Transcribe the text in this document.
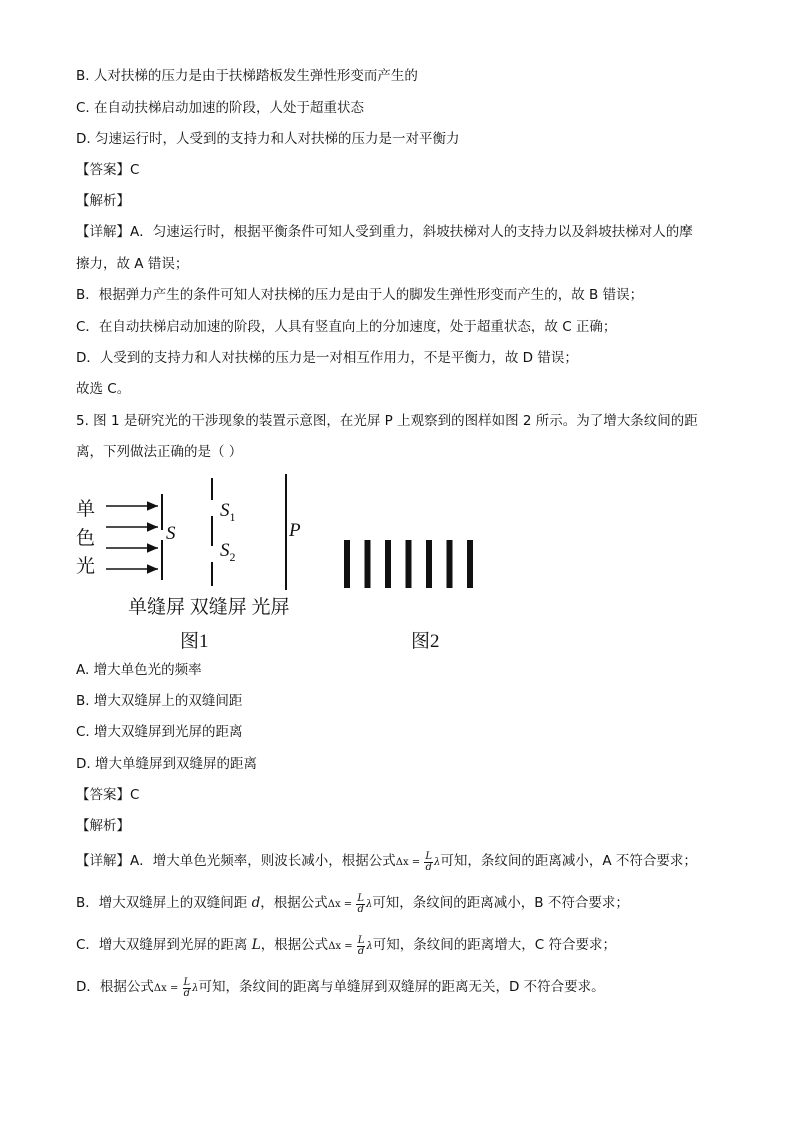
B. 人对扶梯的压力是由于扶梯踏板发生弹性形变而产生的
C. 在自动扶梯启动加速的阶段，人处于超重状态
D. 匀速运行时，人受到的支持力和人对扶梯的压力是一对平衡力
【答案】C
【解析】
【详解】A．匀速运行时，根据平衡条件可知人受到重力，斜坡扶梯对人的支持力以及斜坡扶梯对人的摩
擦力，故 A 错误；
B．根据弹力产生的条件可知人对扶梯的压力是由于人的脚发生弹性形变而产生的，故 B 错误；
C．在自动扶梯启动加速的阶段，人具有竖直向上的分加速度，处于超重状态，故 C 正确；
D．人受到的支持力和人对扶梯的压力是一对相互作用力，不是平衡力，故 D 错误；
故选 C。
5. 图 1 是研究光的干涉现象的装置示意图，在光屏 P 上观察到的图样如图 2 所示。为了增大条纹间的距
离，下列做法正确的是（ ）
单
色
光
S
$S_1$
$S_2$
P
单缝屏 双缝屏 光屏
图1	图2
A. 增大单色光的频率
B. 增大双缝屏上的双缝间距
C. 增大双缝屏到光屏的距离
D. 增大单缝屏到双缝屏的距离
【答案】C
【解析】
【详解】A．增大单色光频率，则波长减小，根据公式$\Delta x = \frac{L}{d}$ λ可知，条纹间的距离减小，A 不符合要求；
B．增大双缝屏上的双缝间距 d，根据公式$\Delta x = \frac{L}{d}$ λ可知，条纹间的距离减小，B 不符合要求；
C．增大双缝屏到光屏的距离 L，根据公式$\Delta x = \frac{L}{d}$ λ可知，条纹间的距离增大，C 符合要求；
D．根据公式$\Delta x = \frac{L}{d}$ λ可知，条纹间的距离与单缝屏到双缝屏的距离无关，D 不符合要求。
